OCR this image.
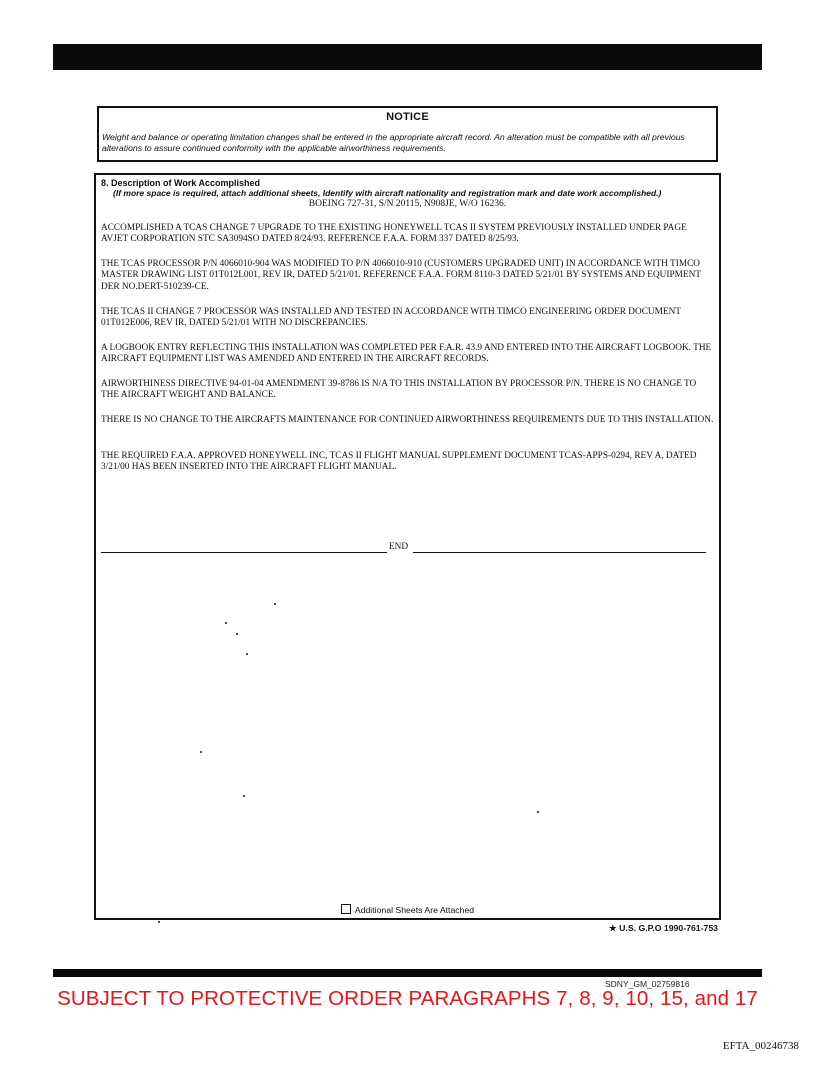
NOTICE
Weight and balance or operating limitation changes shall be entered in the appropriate aircraft record. An alteration must be compatible with all previous alterations to assure continued conformity with the applicable airworthiness requirements.
8. Description of Work Accomplished
(If more space is required, attach additional sheets, Identify with aircraft nationality and registration mark and date work accomplished.)
BOEING 727-31, S/N 20115, N908JE, W/O 16236.

ACCOMPLISHED A TCAS CHANGE 7 UPGRADE TO THE EXISTING HONEYWELL TCAS II SYSTEM PREVIOUSLY INSTALLED UNDER PAGE AVJET CORPORATION STC SA3094SO DATED 8/24/93. REFERENCE F.A.A. FORM 337 DATED 8/25/93.

THE TCAS PROCESSOR P/N 4066010-904 WAS MODIFIED TO P/N 4066010-910 (CUSTOMERS UPGRADED UNIT) IN ACCORDANCE WITH TIMCO MASTER DRAWING LIST 01T012L001, REV IR, DATED 5/21/01. REFERENCE F.A.A. FORM 8110-3 DATED 5/21/01 BY SYSTEMS AND EQUIPMENT DER NO.DERT-510239-CE.

THE TCAS II CHANGE 7 PROCESSOR WAS INSTALLED AND TESTED IN ACCORDANCE WITH TIMCO ENGINEERING ORDER DOCUMENT 01T012E006, REV IR, DATED 5/21/01 WITH NO DISCREPANCIES.

A LOGBOOK ENTRY REFLECTING THIS INSTALLATION WAS COMPLETED PER F.A.R. 43.9 AND ENTERED INTO THE AIRCRAFT LOGBOOK. THE AIRCRAFT EQUIPMENT LIST WAS AMENDED AND ENTERED IN THE AIRCRAFT RECORDS.

AIRWORTHINESS DIRECTIVE 94-01-04 AMENDMENT 39-8786 IS N/A TO THIS INSTALLATION BY PROCESSOR P/N. THERE IS NO CHANGE TO THE AIRCRAFT WEIGHT AND BALANCE.

THERE IS NO CHANGE TO THE AIRCRAFTS MAINTENANCE FOR CONTINUED AIRWORTHINESS REQUIREMENTS DUE TO THIS INSTALLATION.

THE REQUIRED F.A.A. APPROVED HONEYWELL INC, TCAS II FLIGHT MANUAL SUPPLEMENT DOCUMENT TCAS-APPS-0294, REV A, DATED 3/21/00 HAS BEEN INSERTED INTO THE AIRCRAFT FLIGHT MANUAL.

END
Additional Sheets Are Attached
★ U.S. G.P.O 1990-761-753
SDNY_GM_02759816
SUBJECT TO PROTECTIVE ORDER PARAGRAPHS 7, 8, 9, 10, 15, and 17
EFTA_00246738
